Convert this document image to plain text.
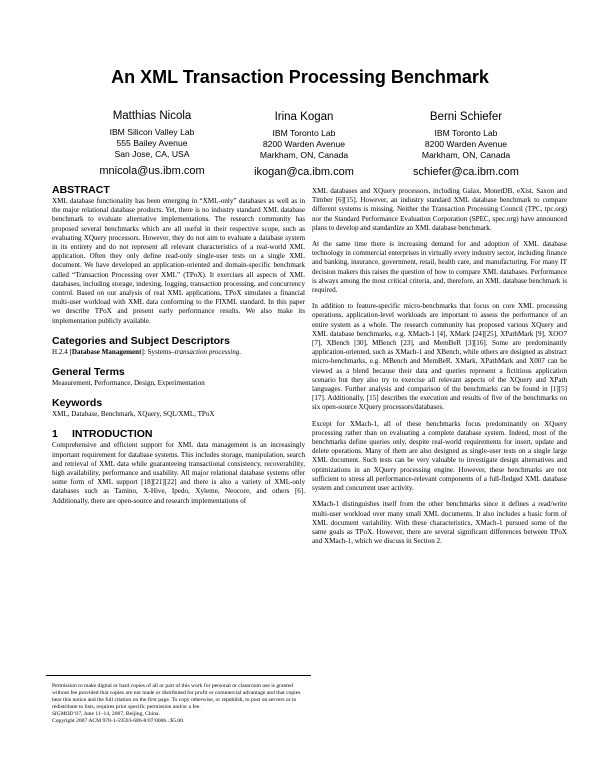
An XML Transaction Processing Benchmark
Matthias Nicola
IBM Silicon Valley Lab
555 Bailey Avenue
San Jose, CA, USA
mnicola@us.ibm.com
Irina Kogan
IBM Toronto Lab
8200 Warden Avenue
Markham, ON, Canada
ikogan@ca.ibm.com
Berni Schiefer
IBM Toronto Lab
8200 Warden Avenue
Markham, ON, Canada
schiefer@ca.ibm.com
ABSTRACT

XML database functionality has been emerging in “XML-only” databases as well as in the major relational database products. Yet, there is no industry standard XML database benchmark to evaluate alternative implementations. The research community has proposed several benchmarks which are all useful in their respective scope, such as evaluating XQuery processors. However, they do not aim to evaluate a database system in its entirety and do not represent all relevant characteristics of a real-world XML application. Often they only define read-only single-user tests on a single XML document. We have developed an application-oriented and domain-specific benchmark called “Transaction Processing over XML” (TPoX). It exercises all aspects of XML databases, including storage, indexing, logging, transaction processing, and concurrency control. Based on our analysis of real XML applications, TPoX simulates a financial multi-user workload with XML data conforming to the FIXML standard. In this paper we describe TPoX and present early performance results. We also make its implementation publicly available.

Categories and Subject Descriptors

H.2.4 [Database Management]: Systems–transaction processing.

General Terms

Measurement, Performance, Design, Experimentation

Keywords

XML, Database, Benchmark, XQuery, SQL/XML, TPoX

1 INTRODUCTION

Comprehensive and efficient support for XML data management is an increasingly important requirement for database systems. This includes storage, manipulation, search and retrieval of XML data while guaranteeing transactional consistency, recoverability, high availability, performance and usability. All major relational database systems offer some form of XML support [18][21][22] and there is also a variety of XML-only databases such as Tamino, X-Hive, Ipedo, Xyleme, Neocore, and others [6]. Additionally, there are open-source and research implementations of

Permission to make digital or hard copies of all or part of this work for personal or classroom use is granted without fee provided that copies are not made or distributed for profit or commercial advantage and that copies bear this notice and the full citation on the first page. To copy otherwise, or republish, to post on servers or to redistribute to lists, requires prior specific permission and/or a fee.
SIGMOD’07, June 11–14, 2007, Beijing, China.
Copyright 2007 ACM 978-1-59593-686-8/07/0006...$5.00.

XML databases and XQuery processors, including Galax, MonetDB, eXist, Saxon and Timber [6][15]. However, an industry standard XML database benchmark to compare different systems is missing. Neither the Transaction Processing Council (TPC, tpc.org) nor the Standard Performance Evaluation Corporation (SPEC, spec.org) have announced plans to develop and standardize an XML database benchmark.

At the same time there is increasing demand for and adoption of XML database technology in commercial enterprises in virtually every industry sector, including finance and banking, insurance, government, retail, health care, and manufacturing. For many IT decision makers this raises the question of how to compare XML databases. Performance is always among the most critical criteria, and, therefore, an XML database benchmark is required.

In addition to feature-specific micro-benchmarks that focus on core XML processing operations, application-level workloads are important to assess the performance of an entire system as a whole. The research community has proposed various XQuery and XML database benchmarks, e.g. XMach-1 [4], XMark [24][25], XPathMark [9], XOO7 [7], XBench [30], MBench [23], and MemBeR [3][16]. Some are predominantly application-oriented, such as XMach-1 and XBench, while others are designed as abstract micro-benchmarks, e.g. MBench and MemBeR. XMark, XPathMark and X007 can be viewed as a blend because their data and queries represent a fictitious application scenario but they also try to exercise all relevant aspects of the XQuery and XPath languages. Further analysis and comparison of the benchmarks can be found in [1][5][17]. Additionally, [15] describes the execution and results of five of the benchmarks on six open-source XQuery processors/databases.

Except for XMach-1, all of these benchmarks focus predominantly on XQuery processing rather than on evaluating a complete database system. Indeed, most of the benchmarks define queries only, despite real-world requirements for insert, update and delete operations. Many of them are also designed as single-user tests on a single large XML document. Such tests can be very valuable to investigate design alternatives and optimizations in an XQuery processing engine. However, these benchmarks are not sufficient to stress all performance-relevant components of a full-fledged XML database system and concurrent user activity.

XMach-1 distinguishes itself from the other benchmarks since it defines a read/write multi-user workload over many small XML documents. It also includes a basic form of XML document variability. With these characteristics, XMach-1 pursued some of the same goals as TPoX. However, there are several significant differences between TPoX and XMach-1, which we discuss in Section 2.
